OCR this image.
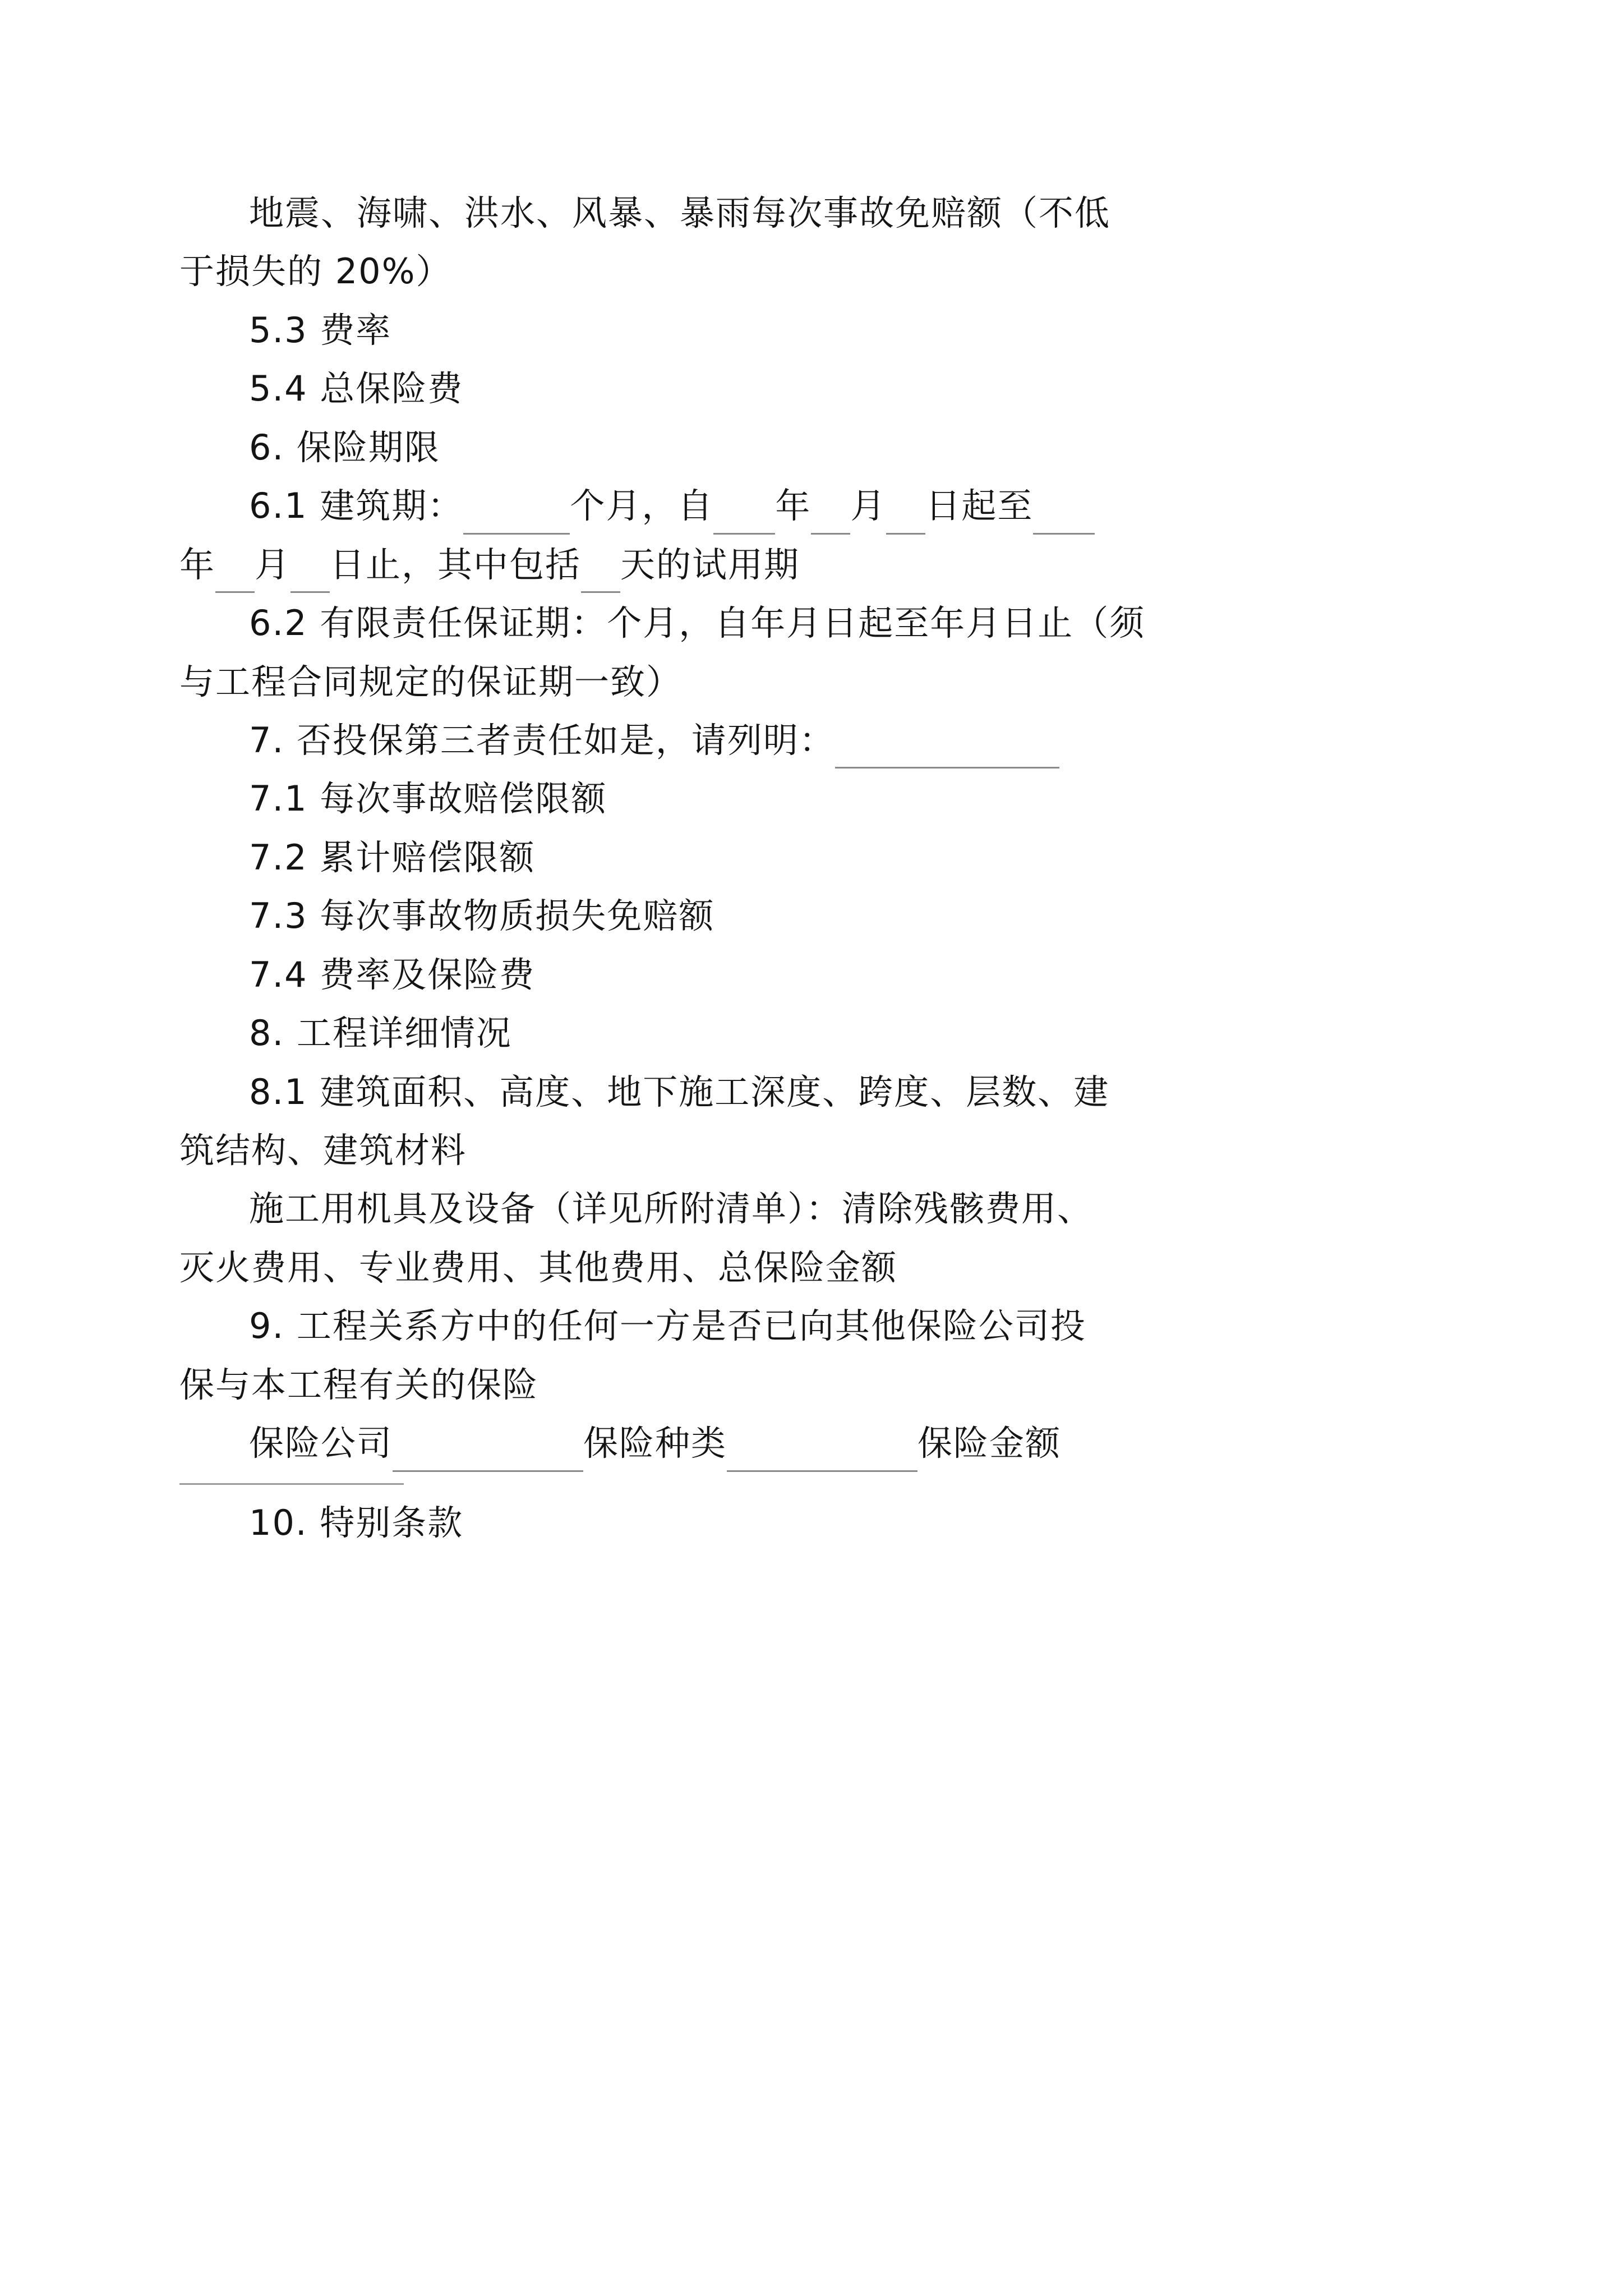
地震、海啸、洪水、风暴、暴雨每次事故免赔额（不低

于损失的 20%）

5.3 费率

5.4 总保险费

6. 保险期限

6.1 建筑期：	个月，自 年 月 日起至

年 月 日止，其中包括 天的试用期

6.2 有限责任保证期：个月，自年月日起至年月日止（须

与工程合同规定的保证期一致）

7. 否投保第三者责任如是，请列明：

7.1 每次事故赔偿限额

7.2 累计赔偿限额

7.3 每次事故物质损失免赔额

7.4 费率及保险费

8. 工程详细情况

8.1 建筑面积、高度、地下施工深度、跨度、层数、建

筑结构、建筑材料

施工用机具及设备（详见所附清单）：清除残骸费用、

灭火费用、专业费用、其他费用、总保险金额

9. 工程关系方中的任何一方是否已向其他保险公司投

保与本工程有关的保险

保险公司	保险种类	保险金额

10. 特别条款
